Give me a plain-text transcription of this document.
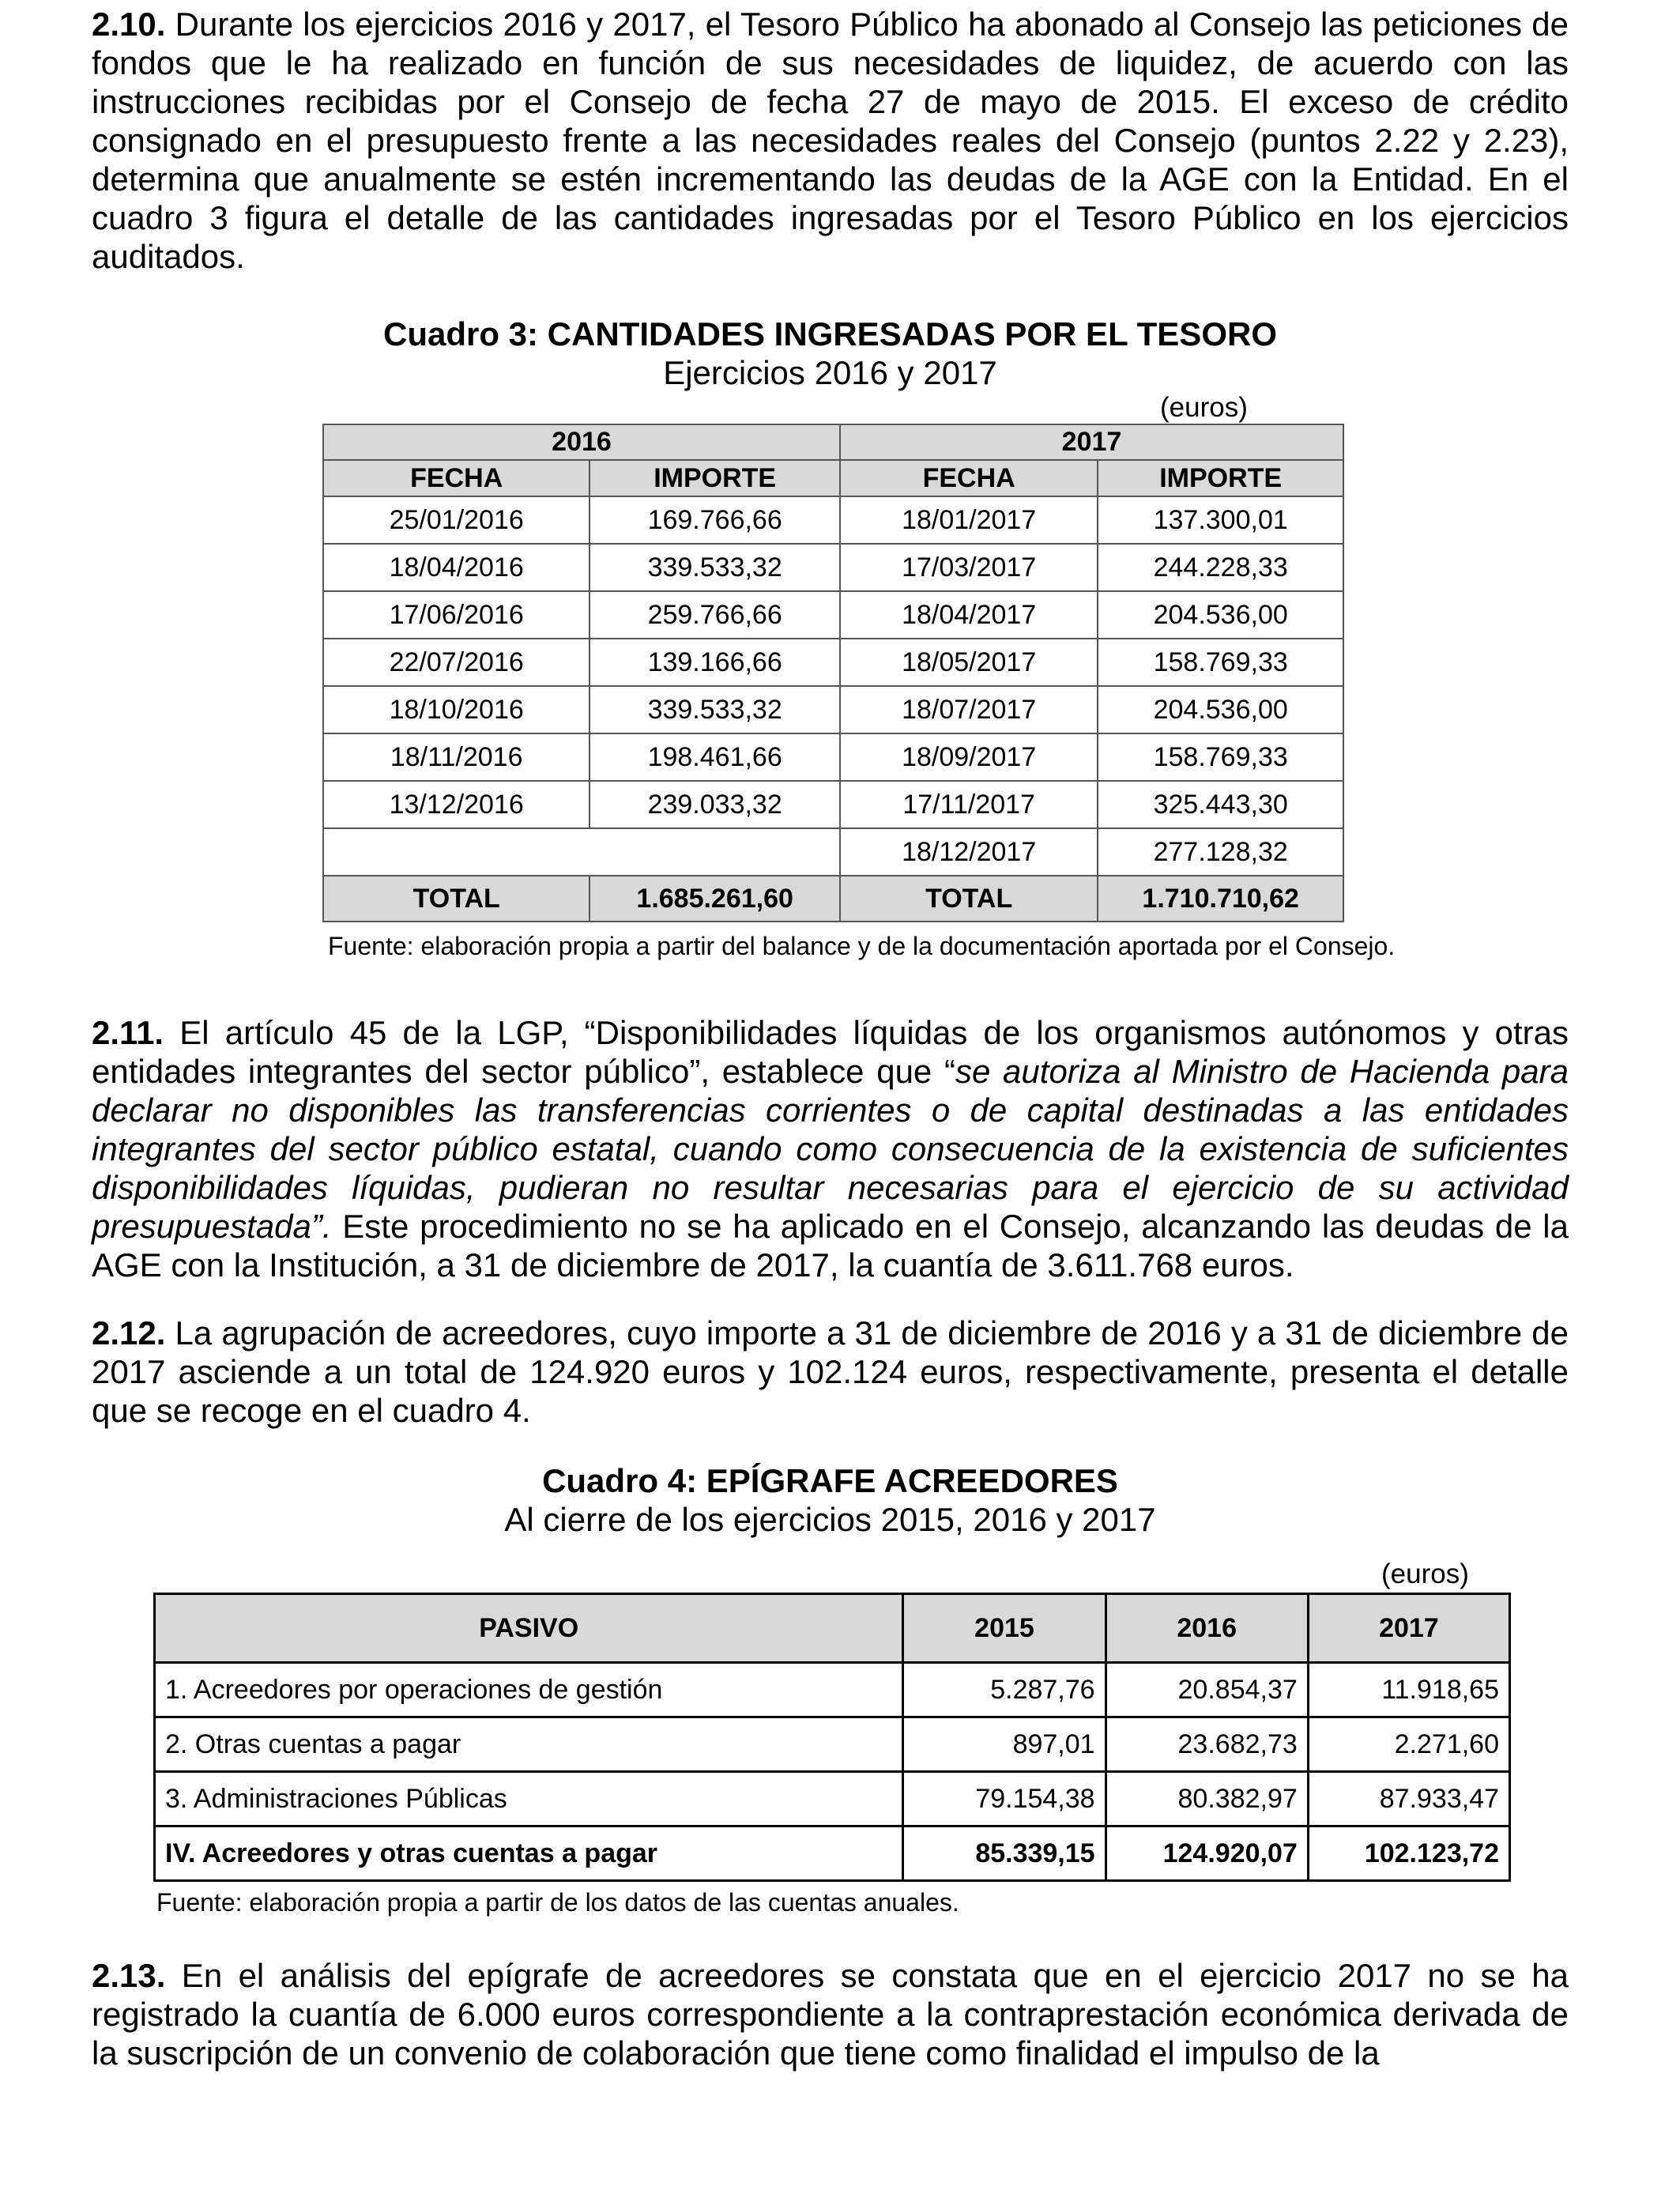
2.10. Durante los ejercicios 2016 y 2017, el Tesoro Público ha abonado al Consejo las peticiones de fondos que le ha realizado en función de sus necesidades de liquidez, de acuerdo con las instrucciones recibidas por el Consejo de fecha 27 de mayo de 2015. El exceso de crédito consignado en el presupuesto frente a las necesidades reales del Consejo (puntos 2.22 y 2.23), determina que anualmente se estén incrementando las deudas de la AGE con la Entidad. En el cuadro 3 figura el detalle de las cantidades ingresadas por el Tesoro Público en los ejercicios auditados.

Cuadro 3: CANTIDADES INGRESADAS POR EL TESORO
Ejercicios 2016 y 2017
(euros)
Fuente: elaboración propia a partir del balance y de la documentación aportada por el Consejo.

2.11. El artículo 45 de la LGP, “Disponibilidades líquidas de los organismos autónomos y otras entidades integrantes del sector público”, establece que “se autoriza al Ministro de Hacienda para declarar no disponibles las transferencias corrientes o de capital destinadas a las entidades integrantes del sector público estatal, cuando como consecuencia de la existencia de suficientes disponibilidades líquidas, pudieran no resultar necesarias para el ejercicio de su actividad presupuestada”. Este procedimiento no se ha aplicado en el Consejo, alcanzando las deudas de la AGE con la Institución, a 31 de diciembre de 2017, la cuantía de 3.611.768 euros.

2.12. La agrupación de acreedores, cuyo importe a 31 de diciembre de 2016 y a 31 de diciembre de 2017 asciende a un total de 124.920 euros y 102.124 euros, respectivamente, presenta el detalle que se recoge en el cuadro 4.

Cuadro 4: EPÍGRAFE ACREEDORES
Al cierre de los ejercicios 2015, 2016 y 2017
(euros)
Fuente: elaboración propia a partir de los datos de las cuentas anuales.

2.13. En el análisis del epígrafe de acreedores se constata que en el ejercicio 2017 no se ha registrado la cuantía de 6.000 euros correspondiente a la contraprestación económica derivada de la suscripción de un convenio de colaboración que tiene como finalidad el impulso de la

2016		2017	
FECHA	IMPORTE	FECHA	IMPORTE
25/01/2016	169.766,66	18/01/2017	137.300,01
18/04/2016	339.533,32	17/03/2017	244.228,33
17/06/2016	259.766,66	18/04/2017	204.536,00
22/07/2016	139.166,66	18/05/2017	158.769,33
18/10/2016	339.533,32	18/07/2017	204.536,00
18/11/2016	198.461,66	18/09/2017	158.769,33
13/12/2016	239.033,32	17/11/2017	325.443,30
		18/12/2017	277.128,32
TOTAL	1.685.261,60	TOTAL	1.710.710,62
PASIVO	2015	2016	2017
1. Acreedores por operaciones de gestión	5.287,76	20.854,37	11.918,65
2. Otras cuentas a pagar	897,01	23.682,73	2.271,60
3. Administraciones Públicas	79.154,38	80.382,97	87.933,47
IV. Acreedores y otras cuentas a pagar	85.339,15	124.920,07	102.123,72
